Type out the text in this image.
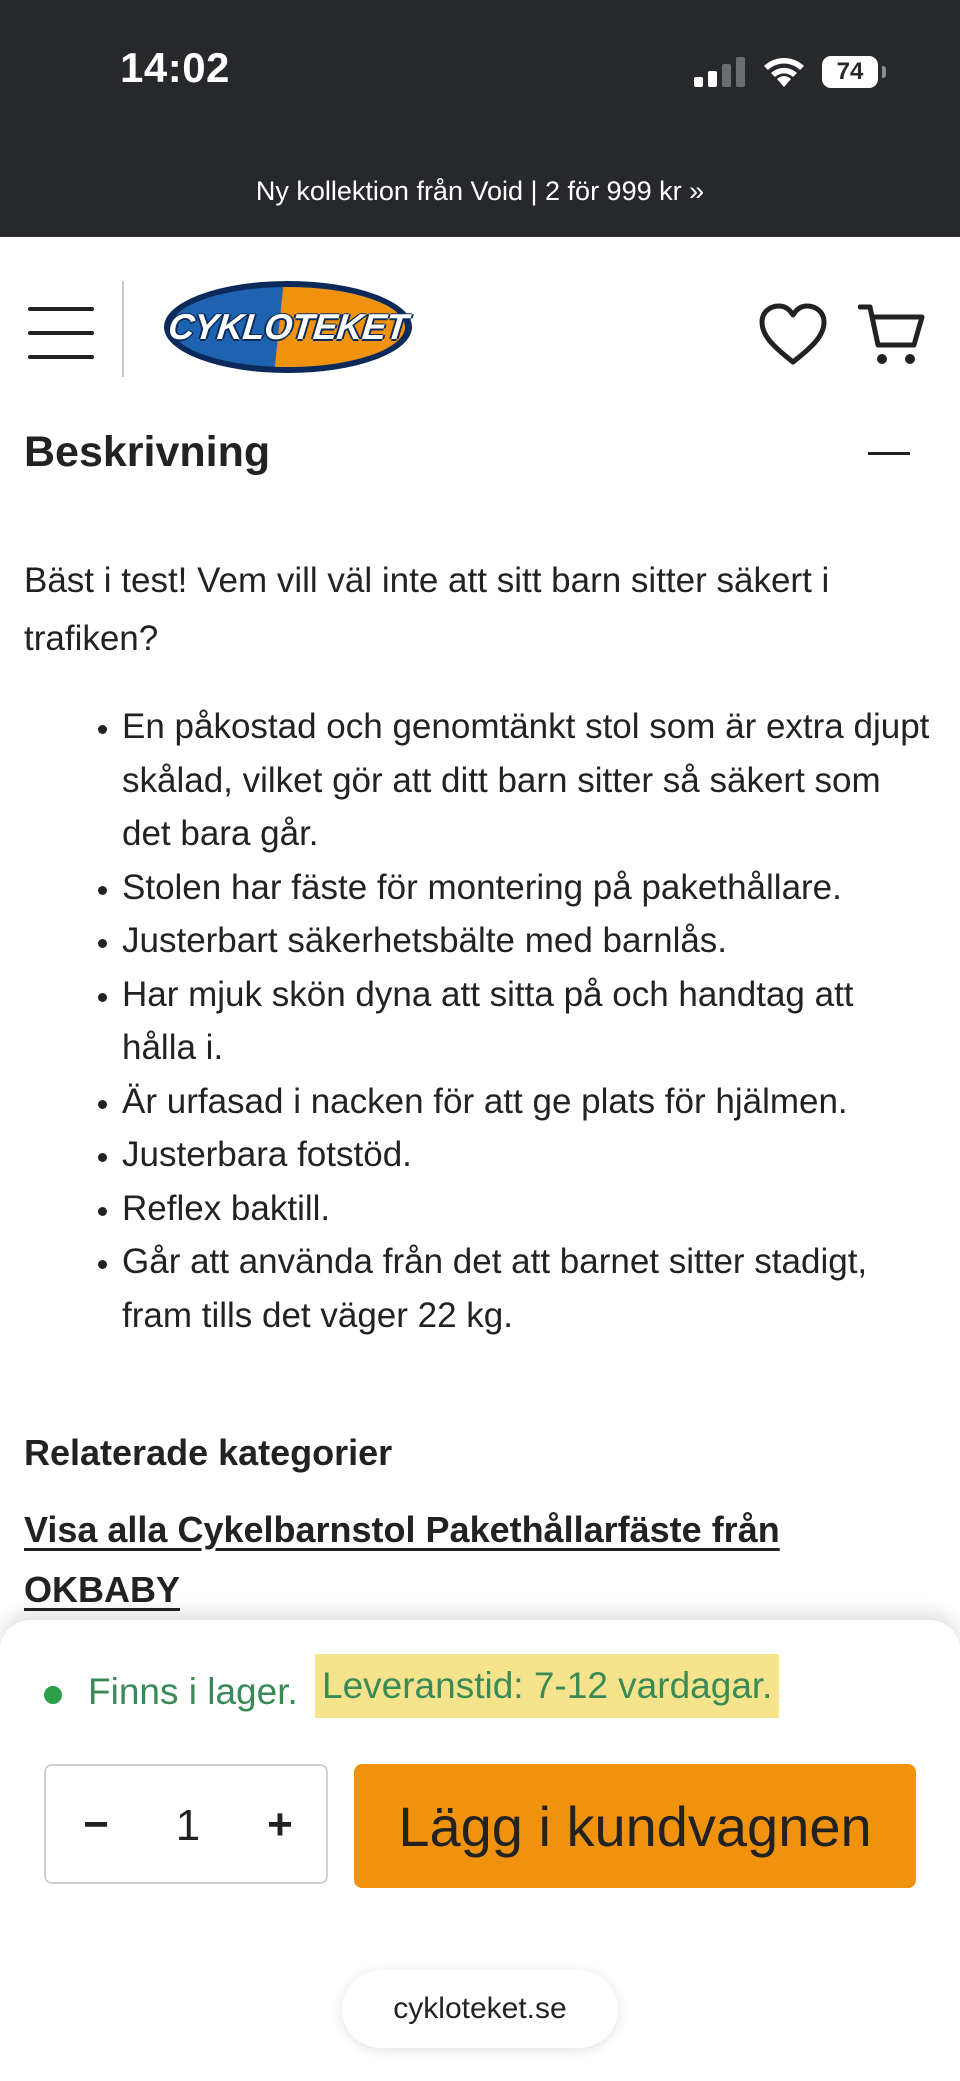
14:02	74
Ny kollektion från Void | 2 för 999 kr »
CYKLOTEKET
Beskrivning

Bäst i test! Vem vill väl inte att sitt barn sitter säkert i trafiken?

• En påkostad och genomtänkt stol som är extra djupt skålad, vilket gör att ditt barn sitter så säkert som det bara går.
• Stolen har fäste för montering på pakethållare.
• Justerbart säkerhetsbälte med barnlås.
• Har mjuk skön dyna att sitta på och handtag att hålla i.
• Är urfasad i nacken för att ge plats för hjälmen.
• Justerbara fotstöd.
• Reflex baktill.
• Går att använda från det att barnet sitter stadigt, fram tills det väger 22 kg.
Relaterade kategorier
Visa alla Cykelbarnstol Pakethållarfäste från OKBABY
Finns i lager. Leveranstid: 7-12 vardagar.
−	1	+	Lägg i kundvagnen
cykloteket.se
